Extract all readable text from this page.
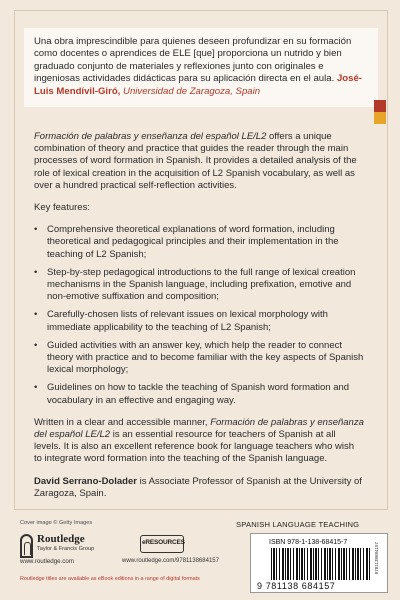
Una obra imprescindible para quienes deseen profundizar en su formación como docentes o aprendices de ELE [que] proporciona un nutrido y bien graduado conjunto de materiales y reflexiones junto con originales e ingeniosas actividades didácticas para su aplicación directa en el aula. José-Luis Mendívil-Giró, Universidad de Zaragoza, Spain

Formación de palabras y enseñanza del español LE/L2 offers a unique combination of theory and practice that guides the reader through the main processes of word formation in Spanish. It provides a detailed analysis of the role of lexical creation in the acquisition of L2 Spanish vocabulary, as well as over a hundred practical self-reflection activities.

Key features:

• Comprehensive theoretical explanations of word formation, including theoretical and pedagogical principles and their implementation in the teaching of L2 Spanish;
• Step-by-step pedagogical introductions to the full range of lexical creation mechanisms in the Spanish language, including prefixation, emotive and non-emotive suffixation and composition;
• Carefully-chosen lists of relevant issues on lexical morphology with immediate applicability to the teaching of L2 Spanish;
• Guided activities with an answer key, which help the reader to connect theory with practice and to become familiar with the key aspects of Spanish lexical morphology;
• Guidelines on how to tackle the teaching of Spanish word formation and vocabulary in an effective and engaging way.

Written in a clear and accessible manner, Formación de palabras y enseñanza del español LE/L2 is an essential resource for teachers of Spanish at all levels. It is also an excellent reference book for language teachers who wish to integrate word formation into the teaching of the Spanish language.

David Serrano-Dolader is Associate Professor of Spanish at the University of Zaragoza, Spain.

Cover image © Getty Images
Routledge
Taylor & Francis Group
www.routledge.com
eRESOURCES
www.routledge.com/9781138684157
Routledge titles are available as eBook editions in a range of digital formats
SPANISH LANGUAGE TEACHING
ISBN 978-1-138-68415-7
9 781138 684157
9781138684157
